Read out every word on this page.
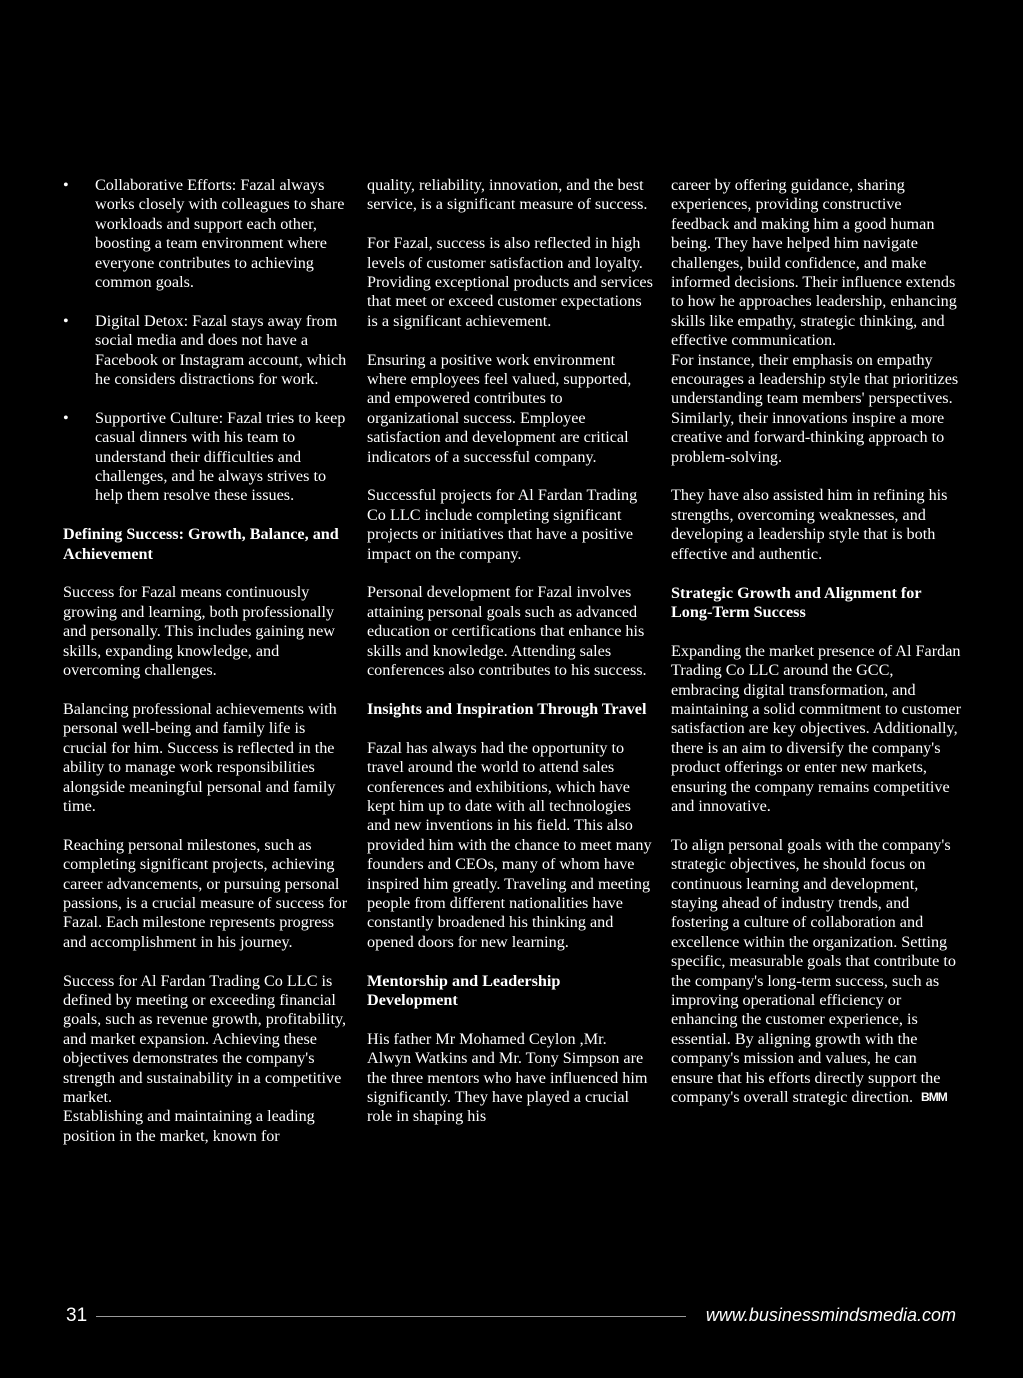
• Collaborative Efforts: Fazal always works closely with colleagues to share workloads and support each other, boosting a team environment where everyone contributes to achieving common goals.
• Digital Detox: Fazal stays away from social media and does not have a Facebook or Instagram account, which he considers distractions for work.
• Supportive Culture: Fazal tries to keep casual dinners with his team to understand their difficulties and challenges, and he always strives to help them resolve these issues.
Defining Success: Growth, Balance, and Achievement

Success for Fazal means continuously growing and learning, both professionally and personally. This includes gaining new skills, expanding knowledge, and overcoming challenges.

Balancing professional achievements with personal well-being and family life is crucial for him. Success is reflected in the ability to manage work responsibilities alongside meaningful personal and family time.

Reaching personal milestones, such as completing significant projects, achieving career advancements, or pursuing personal passions, is a crucial measure of success for Fazal. Each milestone represents progress and accomplishment in his journey.

Success for Al Fardan Trading Co LLC is defined by meeting or exceeding financial goals, such as revenue growth, profitability, and market expansion. Achieving these objectives demonstrates the company's strength and sustainability in a competitive market.

Establishing and maintaining a leading position in the market, known for

quality, reliability, innovation, and the best service, is a significant measure of success.

For Fazal, success is also reflected in high levels of customer satisfaction and loyalty. Providing exceptional products and services that meet or exceed customer expectations is a significant achievement.

Ensuring a positive work environment where employees feel valued, supported, and empowered contributes to organizational success. Employee satisfaction and development are critical indicators of a successful company.

Successful projects for Al Fardan Trading Co LLC include completing significant projects or initiatives that have a positive impact on the company.

Personal development for Fazal involves attaining personal goals such as advanced education or certifications that enhance his skills and knowledge. Attending sales conferences also contributes to his success.

Insights and Inspiration Through Travel

Fazal has always had the opportunity to travel around the world to attend sales conferences and exhibitions, which have kept him up to date with all technologies and new inventions in his field. This also provided him with the chance to meet many founders and CEOs, many of whom have inspired him greatly. Traveling and meeting people from different nationalities have constantly broadened his thinking and opened doors for new learning.

Mentorship and Leadership Development

His father Mr Mohamed Ceylon ,Mr. Alwyn Watkins and Mr. Tony Simpson are the three mentors who have influenced him significantly. They have played a crucial role in shaping his

career by offering guidance, sharing experiences, providing constructive feedback and making him a good human being. They have helped him navigate challenges, build confidence, and make informed decisions. Their influence extends to how he approaches leadership, enhancing skills like empathy, strategic thinking, and effective communication.

For instance, their emphasis on empathy encourages a leadership style that prioritizes understanding team members' perspectives. Similarly, their innovations inspire a more creative and forward-thinking approach to problem-solving.

They have also assisted him in refining his strengths, overcoming weaknesses, and developing a leadership style that is both effective and authentic.

Strategic Growth and Alignment for Long-Term Success

Expanding the market presence of Al Fardan Trading Co LLC around the GCC, embracing digital transformation, and maintaining a solid commitment to customer satisfaction are key objectives. Additionally, there is an aim to diversify the company's product offerings or enter new markets, ensuring the company remains competitive and innovative.

To align personal goals with the company's strategic objectives, he should focus on continuous learning and development, staying ahead of industry trends, and fostering a culture of collaboration and excellence within the organization. Setting specific, measurable goals that contribute to the company's long-term success, such as improving operational efficiency or enhancing the customer experience, is essential. By aligning growth with the company's mission and values, he can ensure that his efforts directly support the company's overall strategic direction. BMM

31	www.businessmindsmedia.com
